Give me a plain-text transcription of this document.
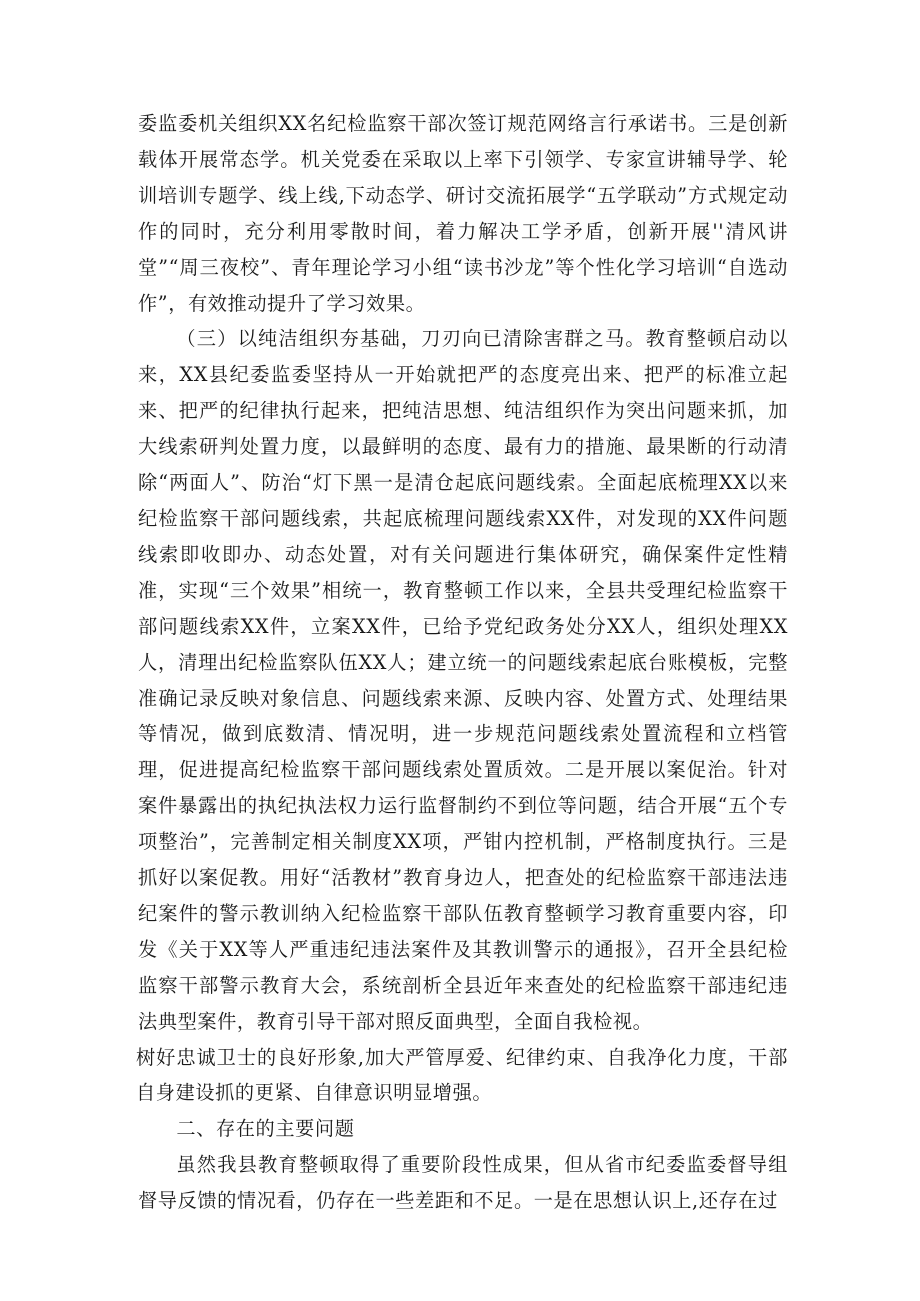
委监委机关组织XX名纪检监察干部次签订规范网络言行承诺书。三是创新载体开展常态学。机关党委在采取以上率下引领学、专家宣讲辅导学、轮训培训专题学、线上线,下动态学、研讨交流拓展学“五学联动”方式规定动作的同时，充分利用零散时间，着力解决工学矛盾，创新开展''清风讲堂”“周三夜校”、青年理论学习小组“读书沙龙”等个性化学习培训“自选动作”，有效推动提升了学习效果。

（三）以纯洁组织夯基础，刀刃向已清除害群之马。教育整顿启动以来，XX县纪委监委坚持从一开始就把严的态度亮出来、把严的标准立起来、把严的纪律执行起来，把纯洁思想、纯洁组织作为突出问题来抓，加大线索研判处置力度，以最鲜明的态度、最有力的措施、最果断的行动清除“两面人”、防治“灯下黑一是清仓起底问题线索。全面起底梳理XX以来纪检监察干部问题线索，共起底梳理问题线索XX件，对发现的XX件问题线索即收即办、动态处置，对有关问题进行集体研究，确保案件定性精准，实现“三个效果”相统一，教育整顿工作以来，全县共受理纪检监察干部问题线索XX件，立案XX件，已给予党纪政务处分XX人，组织处理XX人，清理出纪检监察队伍XX人；建立统一的问题线索起底台账模板，完整准确记录反映对象信息、问题线索来源、反映内容、处置方式、处理结果等情况，做到底数清、情况明，进一步规范问题线索处置流程和立档管理，促进提高纪检监察干部问题线索处置质效。二是开展以案促治。针对案件暴露出的执纪执法权力运行监督制约不到位等问题，结合开展“五个专项整治”，完善制定相关制度XX项，严钳内控机制，严格制度执行。三是抓好以案促教。用好“活教材”教育身边人，把查处的纪检监察干部违法违纪案件的警示教训纳入纪检监察干部队伍教育整顿学习教育重要内容，印发《关于XX等人严重违纪违法案件及其教训警示的通报》，召开全县纪检监察干部警示教育大会，系统剖析全县近年来查处的纪检监察干部违纪违法典型案件，教育引导干部对照反面典型，全面自我检视。

树好忠诚卫士的良好形象,加大严管厚爱、纪律约束、自我净化力度，干部自身建设抓的更紧、自律意识明显增强。

二、存在的主要问题

虽然我县教育整顿取得了重要阶段性成果，但从省市纪委监委督导组督导反馈的情况看，仍存在一些差距和不足。一是在思想认识上,还存在过
